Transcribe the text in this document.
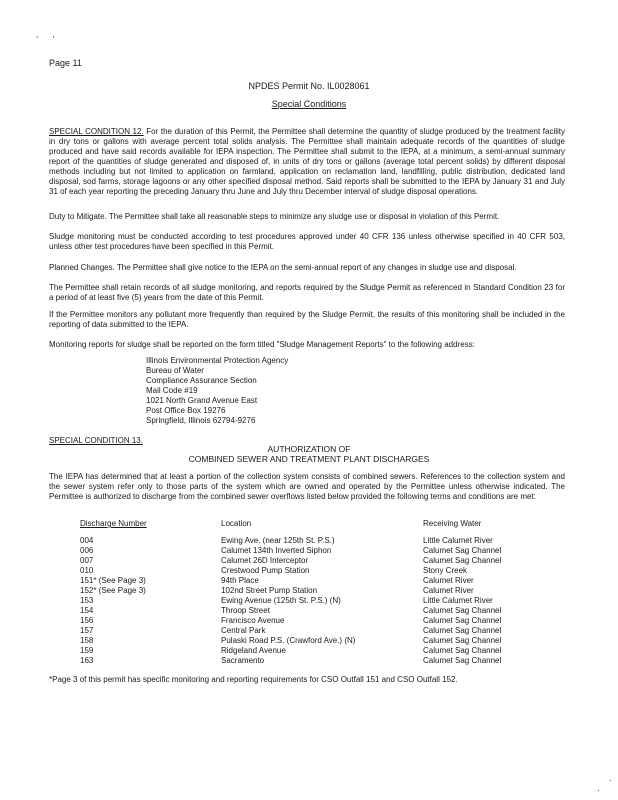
, ,
Page 11
NPDES Permit No. IL0028061
Special Conditions

SPECIAL CONDITION 12. For the duration of this Permit, the Permittee shall determine the quantity of sludge produced by the treatment facility in dry tons or gallons with average percent total solids analysis. The Permittee shall maintain adequate records of the quantities of sludge produced and have said records available for IEPA inspection. The Permittee shall submit to the IEPA, at a minimum, a semi-annual summary report of the quantities of sludge generated and disposed of, in units of dry tons or gallons (average total percent solids) by different disposal methods including but not limited to application on farmland, application on reclamation land, landfilling, public distribution, dedicated land disposal, sod farms, storage lagoons or any other specified disposal method. Said reports shall be submitted to the IEPA by January 31 and July 31 of each year reporting the preceding January thru June and July thru December interval of sludge disposal operations.

Duty to Mitigate. The Permittee shall take all reasonable steps to minimize any sludge use or disposal in violation of this Permit.

Sludge monitoring must be conducted according to test procedures approved under 40 CFR 136 unless otherwise specified in 40 CFR 503, unless other test procedures have been specified in this Permit.

Planned Changes. The Permittee shall give notice to the IEPA on the semi-annual report of any changes in sludge use and disposal.

The Permittee shall retain records of all sludge monitoring, and reports required by the Sludge Permit as referenced in Standard Condition 23 for a period of at least five (5) years from the date of this Permit.

If the Permittee monitors any pollutant more frequently than required by the Sludge Permit, the results of this monitoring shall be included in the reporting of data submitted to the IEPA.

Monitoring reports for sludge shall be reported on the form titled "Sludge Management Reports" to the following address:

Illinois Environmental Protection Agency
Bureau of Water
Compliance Assurance Section
Mail Code #19
1021 North Grand Avenue East
Post Office Box 19276
Springfield, Illinois 62794-9276
SPECIAL CONDITION 13.
AUTHORIZATION OF
COMBINED SEWER AND TREATMENT PLANT DISCHARGES

The IEPA has determined that at least a portion of the collection system consists of combined sewers. References to the collection system and the sewer system refer only to those parts of the system which are owned and operated by the Permittee unless otherwise indicated. The Permittee is authorized to discharge from the combined sewer overflows listed below provided the following terms and conditions are met:

Discharge Number	Location	Receiving Water
004	Ewing Ave. (near 125th St. P.S.)	Little Calumet River
006	Calumet 134th Inverted Siphon	Calumet Sag Channel
007	Calumet 26D Interceptor	Calumet Sag Channel
010	Crestwood Pump Station	Stony Creek
151* (See Page 3)	94th Place	Calumet River
152* (See Page 3)	102nd Street Pump Station	Calumet River
153	Ewing Avenue (125th St. P.S.) (N)	Little Calumet River
154	Throop Street	Calumet Sag Channel
156	Francisco Avenue	Calumet Sag Channel
157	Central Park	Calumet Sag Channel
158	Pulaski Road P.S. (Crawford Ave.) (N)	Calumet Sag Channel
159	Ridgeland Avenue	Calumet Sag Channel
163	Sacramento	Calumet Sag Channel
*Page 3 of this permit has specific monitoring and reporting requirements for CSO Outfall 151 and CSO Outfall 152.
